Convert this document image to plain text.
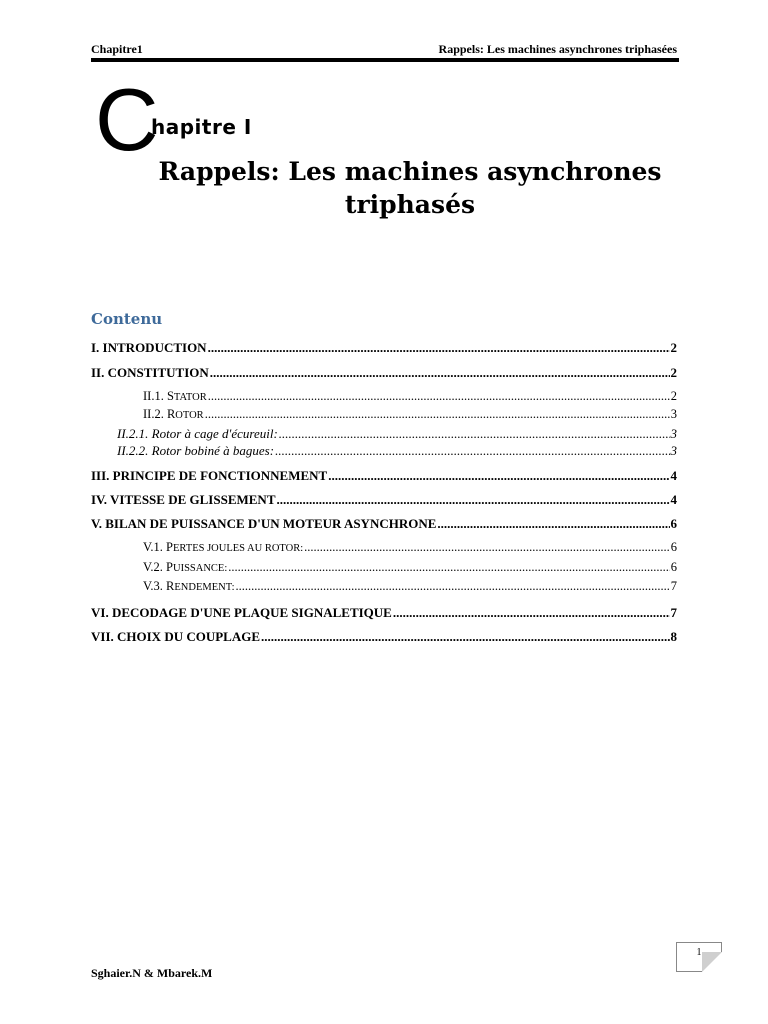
Chapitre1	Rappels: Les machines asynchrones triphasées
C
hapitre I
Rappels: Les machines asynchrones
triphasés
Contenu
I. INTRODUCTION .....	2
II. CONSTITUTION .....	2
II.1. STATOR .....	2
II.2. ROTOR .....	3
II.2.1. Rotor à cage d'écureuil: .....	3
II.2.2. Rotor bobiné à bagues: .....	3
III. PRINCIPE DE FONCTIONNEMENT .....	4
IV. VITESSE DE GLISSEMENT .....	4
V. BILAN DE PUISSANCE D'UN MOTEUR ASYNCHRONE .....	6
V.1. PERTES JOULES AU ROTOR: .....	6
V.2. PUISSANCE: .....	6
V.3. RENDEMENT: .....	7
VI. DECODAGE D'UNE PLAQUE SIGNALETIQUE .....	7
VII. CHOIX DU COUPLAGE .....	8
1
Sghaier.N & Mbarek.M
